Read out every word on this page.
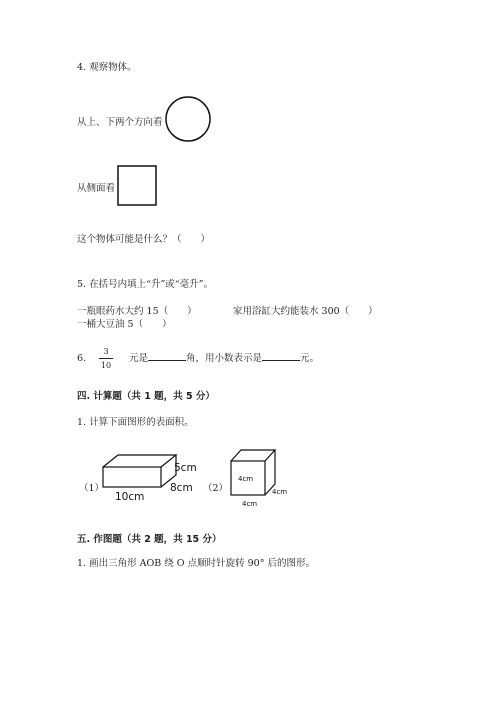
4. 观察物体。
从上、下两个方向看
从侧面看
这个物体可能是什么？（　　）
5. 在括号内填上“升”或“毫升”。
一瓶眼药水大约 15（　　）	家用浴缸大约能装水 300（　　）
一桶大豆油 5（　　）
6.
3
10
元是	角，用小数表示是	元。
四. 计算题（共 1 题，共 5 分）
1. 计算下面图形的表面积。
（1）
5cm
8cm
10cm
（2）
4cm
4cm
4cm
五. 作图题（共 2 题，共 15 分）
1. 画出三角形 AOB 绕 O 点顺时针旋转 90° 后的图形。
